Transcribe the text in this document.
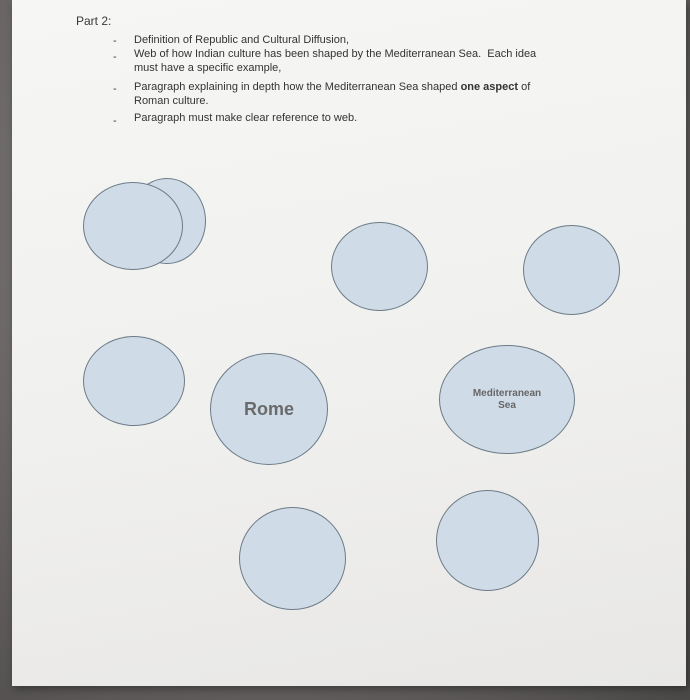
Part 2:
- Definition of Republic and Cultural Diffusion,
- Web of how Indian culture has been shaped by the Mediterranean Sea.  Each idea
must have a specific example,
- Paragraph explaining in depth how the Mediterranean Sea shaped one aspect of
Roman culture.
- Paragraph must make clear reference to web.
Rome
Mediterranean
Sea
